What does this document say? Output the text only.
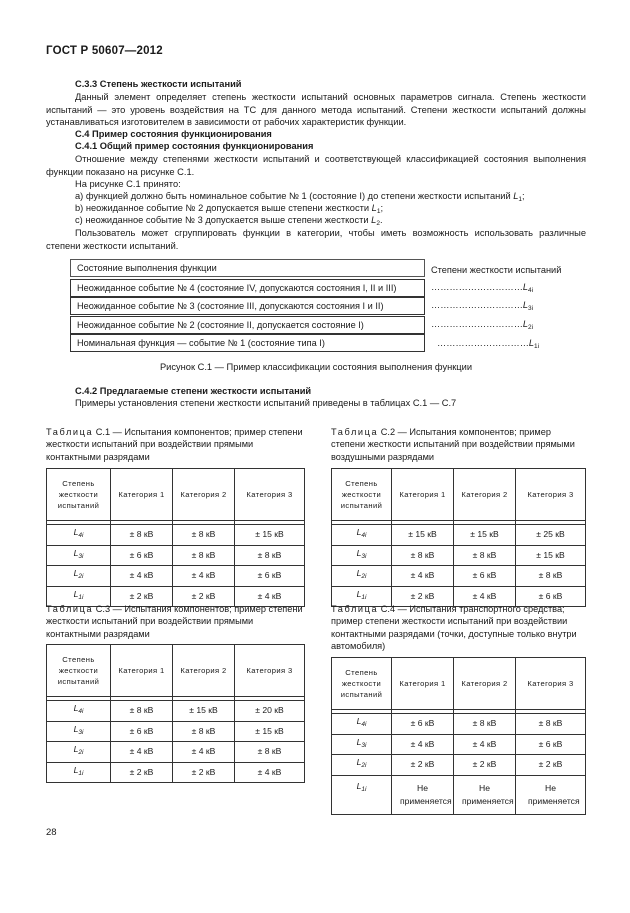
ГОСТ Р 50607—2012
C.3.3 Степень жесткости испытаний
Данный элемент определяет степень жесткости испытаний основных параметров сигнала. Степень жесткости испытаний — это уровень воздействия на ТС для данного метода испытаний. Степени жесткости испытаний должны устанавливаться изготовителем в зависимости от рабочих характеристик функции.
C.4 Пример состояния функционирования
С.4.1 Общий пример состояния функционирования
Отношение между степенями жесткости испытаний и соответствующей классификацией состояния выполнения функции показано на рисунке С.1.
На рисунке С.1 принято:
a) функцией должно быть номинальное событие № 1 (состояние I) до степени жесткости испытаний $L_1$;
b) неожиданное событие № 2 допускается выше степени жесткости $L_1$;
с) неожиданное событие № 3 допускается выше степени жесткости $L_2$.
Пользователь может сгруппировать функции в категории, чтобы иметь возможность использовать различные степени жесткости испытаний.
Состояние выполнения функции	Степени жесткости испытаний
Неожиданное событие № 4 (состояние IV, допускаются состояния I, II и III)	$\dots\dots\dots\dots\dots\dots\dots\dots\dots\dots L_{4i}$
Неожиданное событие № 3 (состояние III, допускаются состояния I и II)	$\dots\dots\dots\dots\dots\dots\dots\dots\dots\dots L_{3i}$
Неожиданное событие № 2 (состояние II, допускается состояние I)	$\dots\dots\dots\dots\dots\dots\dots\dots\dots\dots L_{2i}$
Номинальная функция — событие № 1 (состояние типа I)	$\dots\dots\dots\dots\dots\dots\dots\dots\dots\dots L_{1i}$
Рисунок С.1 — Пример классификации состояния выполнения функции
С.4.2 Предлагаемые степени жесткости испытаний
Примеры установления степени жесткости испытаний приведены в таблицах С.1 — С.7
Таблица С.1 — Испытания компонентов; пример степени жесткости испытаний при воздействии прямыми контактными разрядами
Степень жесткости испытаний	Категория 1	Категория 2	Категория 3

$L_{4i}$	± 8 кВ	± 8 кВ	± 15 кВ
$L_{3i}$	± 6 кВ	± 8 кВ	± 8 кВ
$L_{2i}$	± 4 кВ	± 4 кВ	± 6 кВ
$L_{1i}$	± 2 кВ	± 2 кВ	± 4 кВ
Таблица С.2 — Испытания компонентов; пример степени жесткости испытаний при воздействии прямыми воздушными разрядами
Степень жесткости испытаний	Категория 1	Категория 2	Категория 3

$L_{4i}$	± 15 кВ	± 15 кВ	± 25 кВ
$L_{3i}$	± 8 кВ	± 8 кВ	± 15 кВ
$L_{2i}$	± 4 кВ	± 6 кВ	± 8 кВ
$L_{1i}$	± 2 кВ	± 4 кВ	± 6 кВ
Таблица С.3 — Испытания компонентов; пример степени жесткости испытаний при воздействии прямыми контактными разрядами
Степень жесткости испытаний	Категория 1	Категория 2	Категория 3

$L_{4i}$	± 8 кВ	± 15 кВ	± 20 кВ
$L_{3i}$	± 6 кВ	± 8 кВ	± 15 кВ
$L_{2i}$	± 4 кВ	± 4 кВ	± 8 кВ
$L_{1i}$	± 2 кВ	± 2 кВ	± 4 кВ
Таблица С.4 — Испытания транспортного средства; пример степени жесткости испытаний при воздействии контактными разрядами (точки, доступные только внутри автомобиля)
Степень жесткости испытаний	Категория 1	Категория 2	Категория 3

$L_{4i}$	± 6 кВ	± 8 кВ	± 8 кВ
$L_{3i}$	± 4 кВ	± 4 кВ	± 6 кВ
$L_{2i}$	± 2 кВ	± 2 кВ	± 2 кВ
$L_{1i}$	Не применяется	Не применяется	Не применяется
28
